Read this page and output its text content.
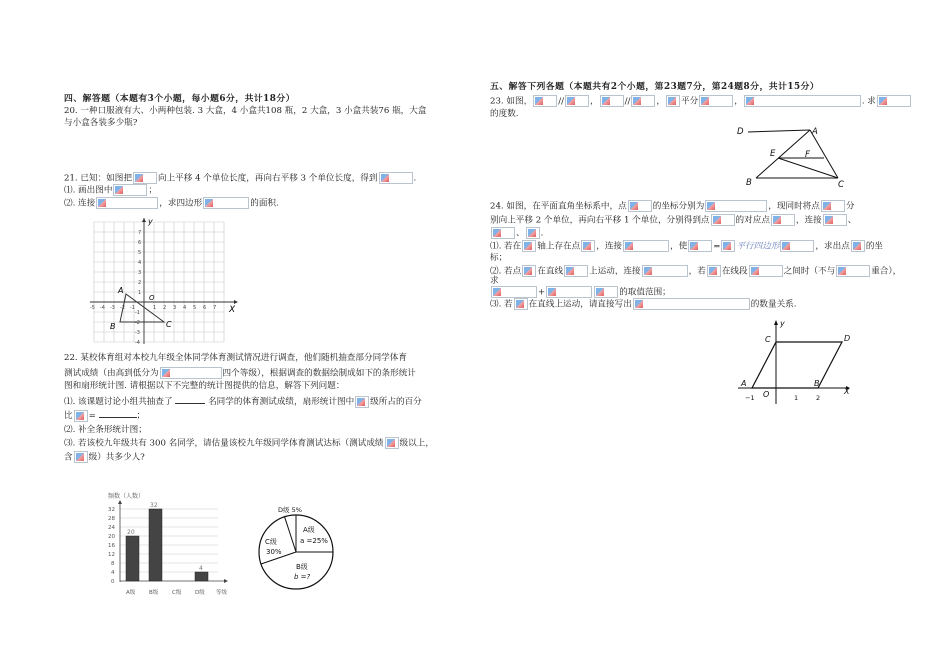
四、解答题（本题有3个小题，每小题6分，共计18分）
20. 一种口服液有大、小两种包装. 3 大盒，4 小盒共108 瓶，2 大盒，3 小盒共装76 瓶，大盒
与小盒各装多少瓶?
21. 已知：如图把	向上平移 4 个单位长度，再向右平移 3 个单位长度，得到	.
⑴. 画出图中	；
⑵. 连接	，求四边形	的面积.
X
y
O
A
B	C
-5 -4 -3 -2 -1	1 2 3 4 5 6 7
7
6
5
4
3
2
1
-1
-2
-3
-4
22. 某校体育组对本校九年级全体同学体育测试情况进行调查，他们随机抽查部分同学体育
测试成绩（由高到低分为	四个等级），根据调查的数据绘制成如下的条形统计
图和扇形统计图. 请根据以下不完整的统计图提供的信息，解答下列问题：
⑴. 该课题讨论小组共抽查了	名同学的体育测试成绩，扇形统计图中 级所占的百分
比 =	；
⑵. 补全条形统计图；
⑶. 若该校九年级共有 300 名同学，请估量该校九年级同学体育测试达标（测试成绩 级以上，
含 级）共多少人?
频数（人数）
32
28
24
20
16
12
8
4
0
20
32
4
A级 B级 C级 D级 等级
D级 5%
A级
a =25%
C级
30%
B级
b =?
五、解答下列各题（本题共有2个小题，第23题7分，第24题8分，共计15分）
23. 如图，	//	，	//	， 平分	，	. 求
的度数.
D	A
E	F
B	C
24. 如图，在平面直角坐标系中，点	的坐标分别为	，现同时将点	分
别向上平移 2 个单位，再向右平移 1 个单位，分别得到点	的对应点	，连接	、
、 .
⑴. 若在 轴上存在点 ，连接	，使	= 平行四边形	，求出点 的坐
标；
⑵. 若点 在直线	上运动，连接	，若 在线段	之间时（不与	重合），
求
+	的取值范围；
⑶. 若 在直线上运动，请直接写出	的数量关系.
y
X
C	D
A	B
O
−1	1	2
